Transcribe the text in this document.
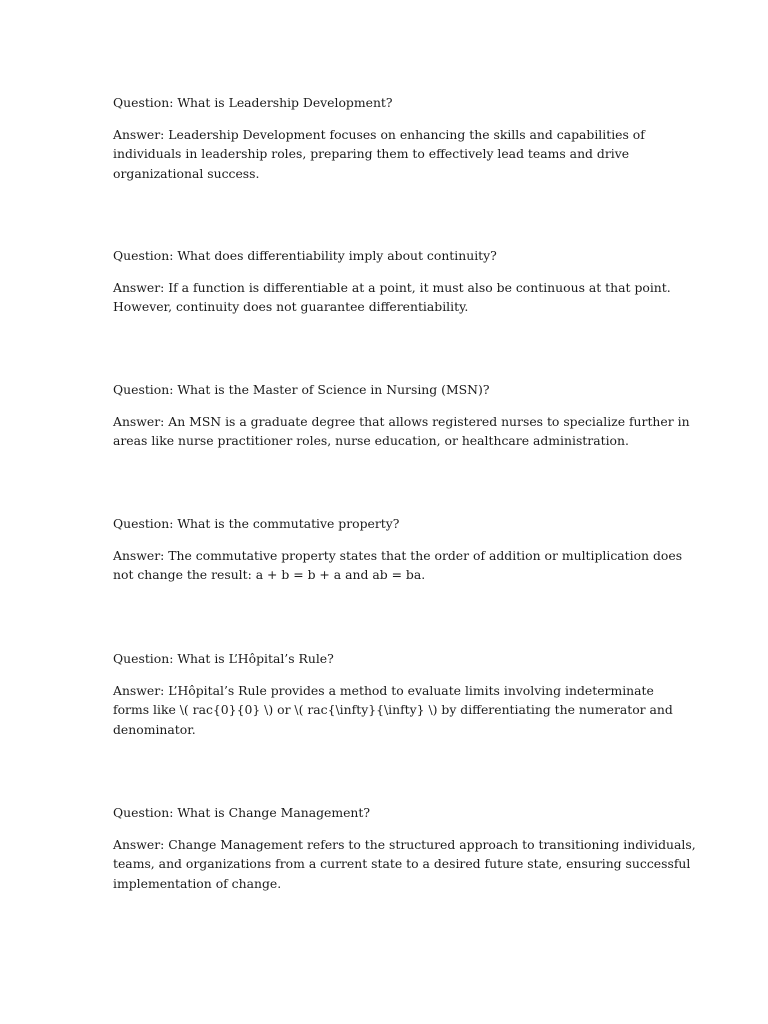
Question: What is Leadership Development?

Answer: Leadership Development focuses on enhancing the skills and capabilities of
individuals in leadership roles, preparing them to effectively lead teams and drive
organizational success.

Question: What does differentiability imply about continuity?

Answer: If a function is differentiable at a point, it must also be continuous at that point.
However, continuity does not guarantee differentiability.

Question: What is the Master of Science in Nursing (MSN)?

Answer: An MSN is a graduate degree that allows registered nurses to specialize further in
areas like nurse practitioner roles, nurse education, or healthcare administration.

Question: What is the commutative property?

Answer: The commutative property states that the order of addition or multiplication does
not change the result: a + b = b + a and ab = ba.

Question: What is L’Hôpital’s Rule?

Answer: L’Hôpital’s Rule provides a method to evaluate limits involving indeterminate
forms like \( rac{0}{0} \) or \( rac{\infty}{\infty} \) by differentiating the numerator and
denominator.

Question: What is Change Management?

Answer: Change Management refers to the structured approach to transitioning individuals,
teams, and organizations from a current state to a desired future state, ensuring successful
implementation of change.
